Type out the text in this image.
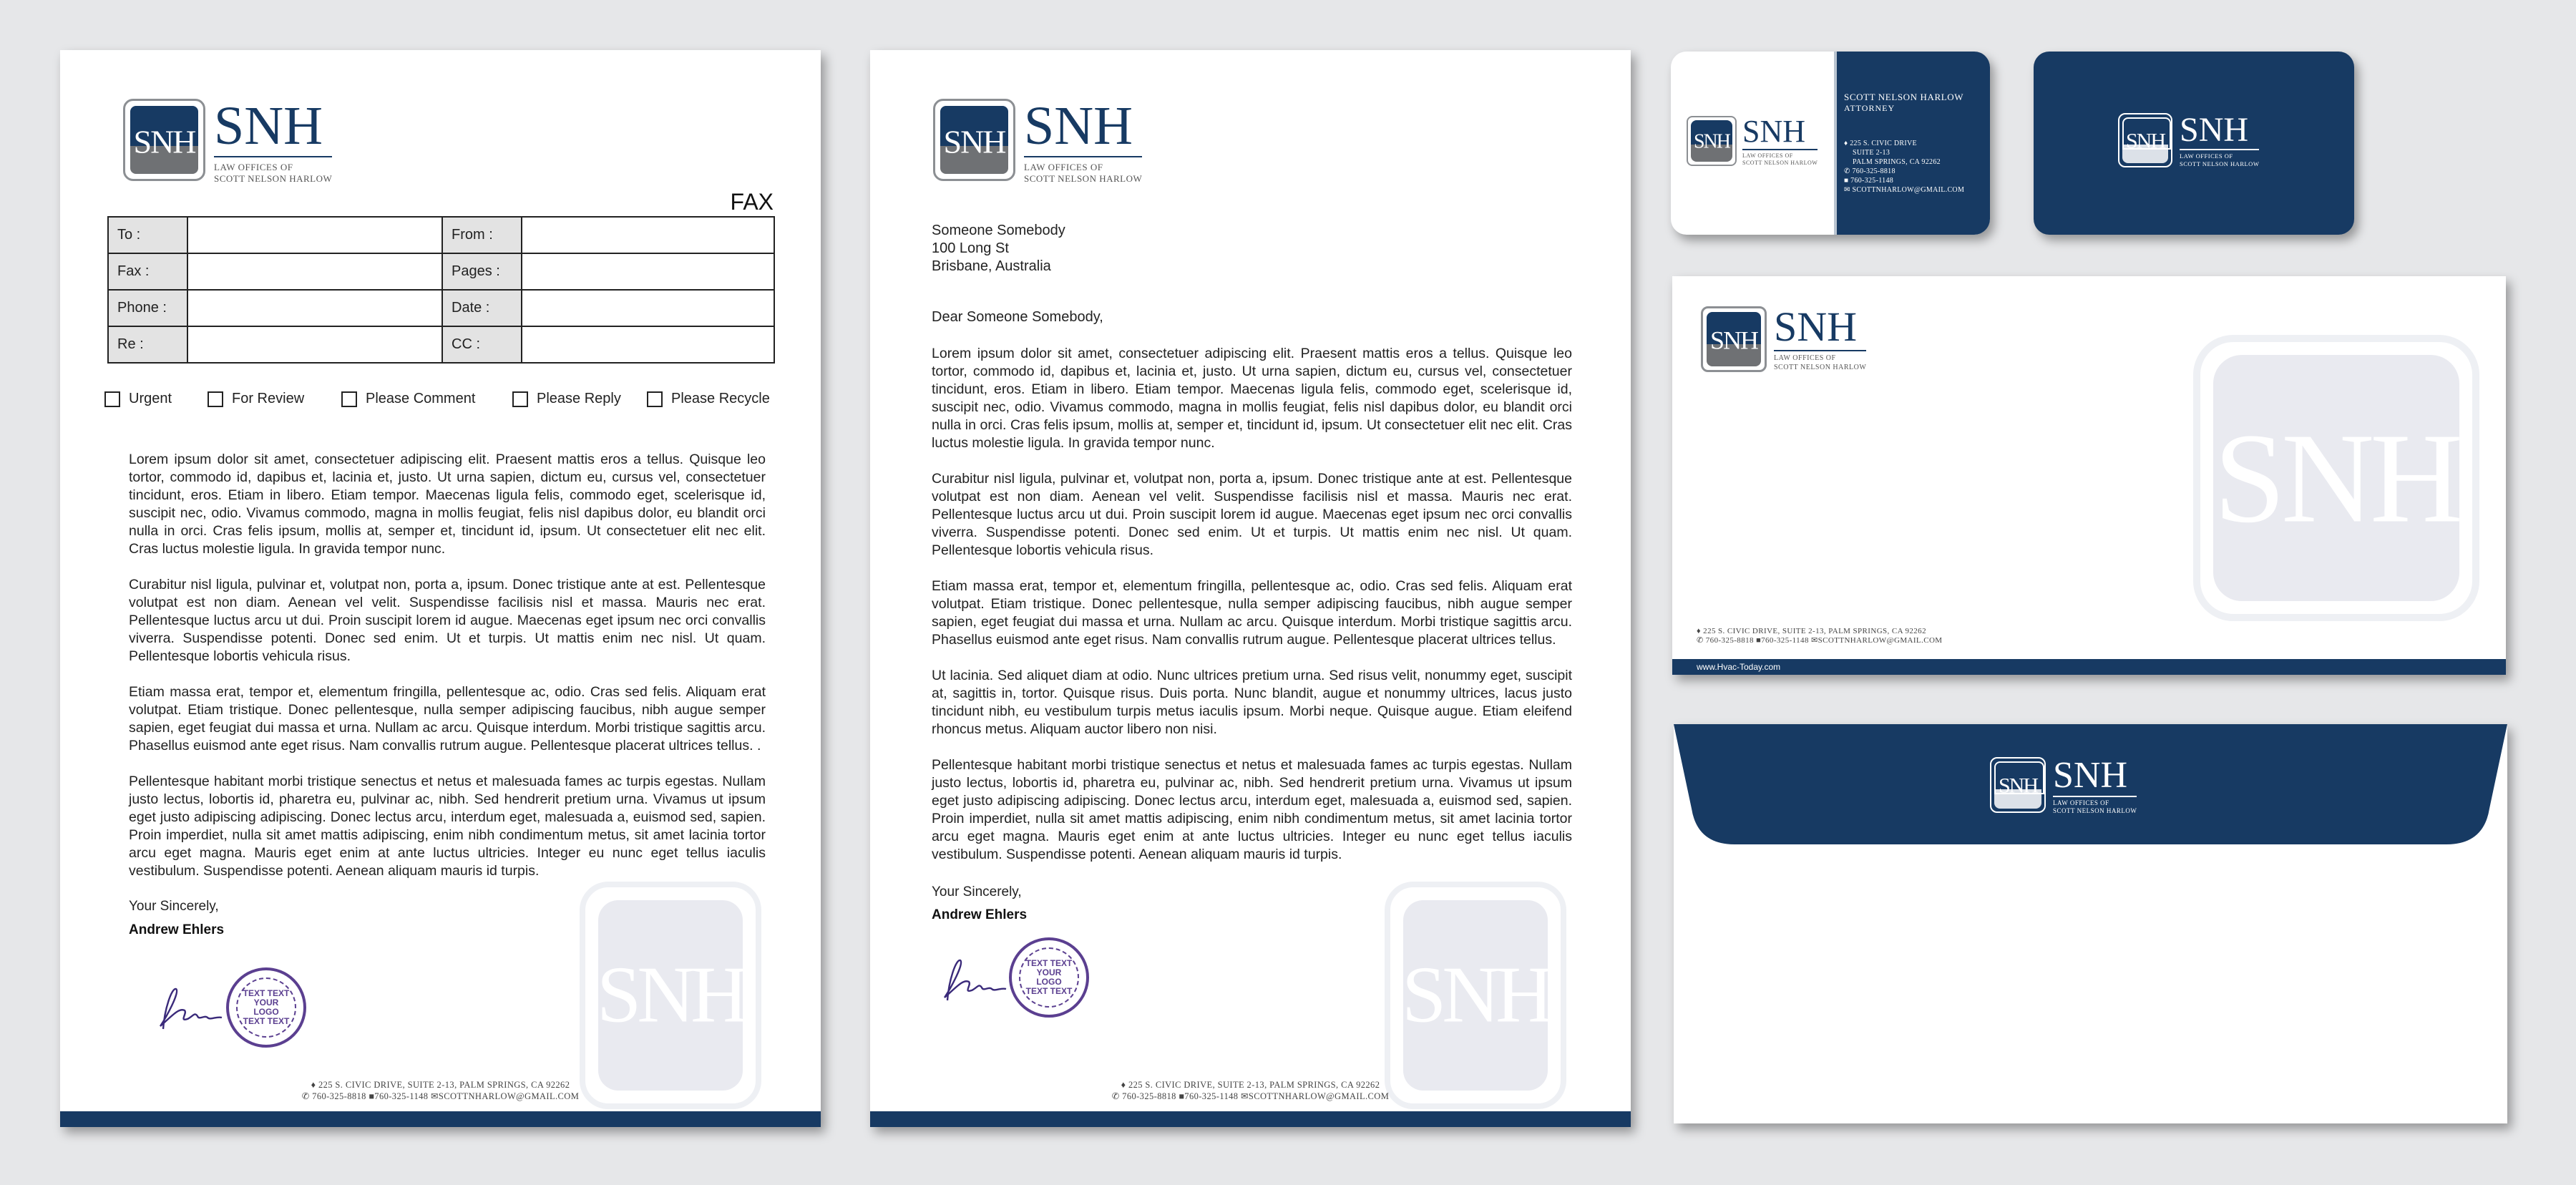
SNH SNH
LAW OFFICES OF
SCOTT NELSON HARLOW
FAX
To :		From :	
Fax :		Pages :	
Phone :		Date :	
Re :		CC :	
Urgent	For Review	Please Comment	Please Reply	Please Recycle
SNH

Lorem ipsum dolor sit amet, consectetuer adipiscing elit. Praesent mattis eros a tellus. Quisque leo tortor, commodo id, dapibus et, lacinia et, justo. Ut urna sapien, dictum eu, cursus vel, consectetuer tincidunt, eros. Etiam in libero. Etiam tempor. Maecenas ligula felis, commodo eget, scelerisque id, suscipit nec, odio. Vivamus commodo, magna in mollis feugiat, felis nisl dapibus dolor, eu blandit orci nulla in orci. Cras felis ipsum, mollis at, semper et, tincidunt id, ipsum. Ut consectetuer elit nec elit. Cras luctus molestie ligula. In gravida tempor nunc.

Curabitur nisl ligula, pulvinar et, volutpat non, porta a, ipsum. Donec tristique ante at est. Pellentesque volutpat est non diam. Aenean vel velit. Suspendisse facilisis nisl et massa. Mauris nec erat. Pellentesque luctus arcu ut dui. Proin suscipit lorem id augue. Maecenas eget ipsum nec orci convallis viverra. Suspendisse potenti. Donec sed enim. Ut et turpis. Ut mattis enim nec nisl. Ut quam. Pellentesque lobortis vehicula risus.

Etiam massa erat, tempor et, elementum fringilla, pellentesque ac, odio. Cras sed felis. Aliquam erat volutpat. Etiam tristique. Donec pellentesque, nulla semper adipiscing faucibus, nibh augue semper sapien, eget feugiat dui massa et urna. Nullam ac arcu. Quisque interdum. Morbi tristique sagittis arcu. Phasellus euismod ante eget risus. Nam convallis rutrum augue. Pellentesque placerat ultrices tellus. .

Pellentesque habitant morbi tristique senectus et netus et malesuada fames ac turpis egestas. Nullam justo lectus, lobortis id, pharetra eu, pulvinar ac, nibh. Sed hendrerit pretium urna. Vivamus ut ipsum eget justo adipiscing adipiscing. Donec lectus arcu, interdum eget, malesuada a, euismod sed, sapien. Proin imperdiet, nulla sit amet mattis adipiscing, enim nibh condimentum metus, sit amet lacinia tortor arcu eget magna. Mauris eget enim at ante luctus ultricies. Integer eu nunc eget tellus iaculis vestibulum. Suspendisse potenti. Aenean aliquam mauris id turpis.

Your Sincerely,
Andrew Ehlers
TEXT TEXT
YOUR
LOGO
TEXT TEXT
♦ 225 S. CIVIC DRIVE, SUITE 2-13, PALM SPRINGS, CA 92262
✆ 760-325-8818 ■760-325-1148 ✉SCOTTNHARLOW@GMAIL.COM
SNH SNH
LAW OFFICES OF
SCOTT NELSON HARLOW
Someone Somebody
100 Long St
Brisbane, Australia
Dear Someone Somebody,
SNH

Lorem ipsum dolor sit amet, consectetuer adipiscing elit. Praesent mattis eros a tellus. Quisque leo tortor, commodo id, dapibus et, lacinia et, justo. Ut urna sapien, dictum eu, cursus vel, consectetuer tincidunt, eros. Etiam in libero. Etiam tempor. Maecenas ligula felis, commodo eget, scelerisque id, suscipit nec, odio. Vivamus commodo, magna in mollis feugiat, felis nisl dapibus dolor, eu blandit orci nulla in orci. Cras felis ipsum, mollis at, semper et, tincidunt id, ipsum. Ut consectetuer elit nec elit. Cras luctus molestie ligula. In gravida tempor nunc.

Curabitur nisl ligula, pulvinar et, volutpat non, porta a, ipsum. Donec tristique ante at est. Pellentesque volutpat est non diam. Aenean vel velit. Suspendisse facilisis nisl et massa. Mauris nec erat. Pellentesque luctus arcu ut dui. Proin suscipit lorem id augue. Maecenas eget ipsum nec orci convallis viverra. Suspendisse potenti. Donec sed enim. Ut et turpis. Ut mattis enim nec nisl. Ut quam. Pellentesque lobortis vehicula risus.

Etiam massa erat, tempor et, elementum fringilla, pellentesque ac, odio. Cras sed felis. Aliquam erat volutpat. Etiam tristique. Donec pellentesque, nulla semper adipiscing faucibus, nibh augue semper sapien, eget feugiat dui massa et urna. Nullam ac arcu. Quisque interdum. Morbi tristique sagittis arcu. Phasellus euismod ante eget risus. Nam convallis rutrum augue. Pellentesque placerat ultrices tellus.

Ut lacinia. Sed aliquet diam at odio. Nunc ultrices pretium urna. Sed risus velit, nonummy eget, suscipit at, sagittis in, tortor. Quisque risus. Duis porta. Nunc blandit, augue et nonummy ultrices, lacus justo tincidunt nibh, eu vestibulum turpis metus iaculis ipsum. Morbi neque. Quisque augue. Etiam eleifend rhoncus metus. Aliquam auctor libero non nisi.

Pellentesque habitant morbi tristique senectus et netus et malesuada fames ac turpis egestas. Nullam justo lectus, lobortis id, pharetra eu, pulvinar ac, nibh. Sed hendrerit pretium urna. Vivamus ut ipsum eget justo adipiscing adipiscing. Donec lectus arcu, interdum eget, malesuada a, euismod sed, sapien. Proin imperdiet, nulla sit amet mattis adipiscing, enim nibh condimentum metus, sit amet lacinia tortor arcu eget magna. Mauris eget enim at ante luctus ultricies. Integer eu nunc eget tellus iaculis vestibulum. Suspendisse potenti. Aenean aliquam mauris id turpis.

Your Sincerely,
Andrew Ehlers
TEXT TEXT
YOUR
LOGO
TEXT TEXT
♦ 225 S. CIVIC DRIVE, SUITE 2-13, PALM SPRINGS, CA 92262
✆ 760-325-8818 ■760-325-1148 ✉SCOTTNHARLOW@GMAIL.COM
SNH SNH
LAW OFFICES OF
SCOTT NELSON HARLOW
SCOTT NELSON HARLOW
ATTORNEY
♦ 225 S. CIVIC DRIVE
SUITE 2-13
PALM SPRINGS, CA 92262
✆ 760-325-8818
■ 760-325-1148
✉ SCOTTNHARLOW@GMAIL.COM
SNH SNH
LAW OFFICES OF
SCOTT NELSON HARLOW
SNH SNH
LAW OFFICES OF
SCOTT NELSON HARLOW
SNH
♦ 225 S. CIVIC DRIVE, SUITE 2-13, PALM SPRINGS, CA 92262
✆ 760-325-8818 ■760-325-1148 ✉SCOTTNHARLOW@GMAIL.COM
www.Hvac-Today.com
SNH SNH
LAW OFFICES OF
SCOTT NELSON HARLOW
